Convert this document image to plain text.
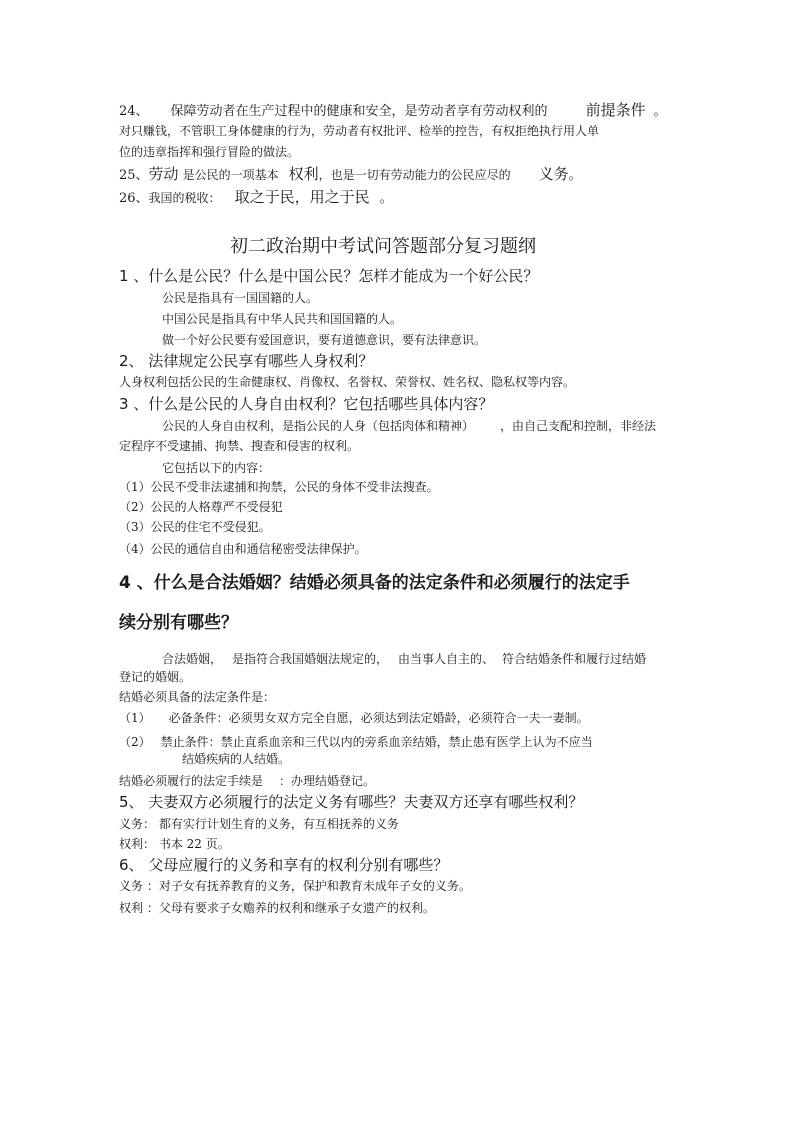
24、 保障劳动者在生产过程中的健康和安全，是劳动者享有劳动权利的	前提条件 。
对只赚钱，不管职工身体健康的行为，劳动者有权批评、检举的控告，有权拒绝执行用人单
位的违章指挥和强行冒险的做法。
25、劳动 是公民的一项基本 权利，也是一切有劳动能力的公民应尽的 义务。
26、我国的税收： 取之于民，用之于民 。
初二政治期中考试问答题部分复习题纲
1 、什么是公民？什么是中国公民？怎样才能成为一个好公民？
公民是指具有一国国籍的人。
中国公民是指具有中华人民共和国国籍的人。
做一个好公民要有爱国意识，要有道德意识，要有法律意识。
2、 法律规定公民享有哪些人身权利？
人身权利包括公民的生命健康权、肖像权、名誉权、荣誉权、姓名权、隐私权等内容。
3 、什么是公民的人身自由权利？它包括哪些具体内容？
公民的人身自由权利，是指公民的人身（包括肉体和精神） ，由自己支配和控制，非经法
定程序不受逮捕、拘禁、搜查和侵害的权利。
它包括以下的内容：
（1）公民不受非法逮捕和拘禁，公民的身体不受非法搜查。
（2）公民的人格尊严不受侵犯
（3）公民的住宅不受侵犯。
（4）公民的通信自由和通信秘密受法律保护。
4 、什么是合法婚姻？结婚必须具备的法定条件和必须履行的法定手
续分别有哪些？
合法婚姻， 是指符合我国婚姻法规定的， 由当事人自主的、 符合结婚条件和履行过结婚
登记的婚姻。
结婚必须具备的法定条件是：
（1） 必备条件：必须男女双方完全自愿，必须达到法定婚龄，必须符合一夫一妻制。
（2） 禁止条件：禁止直系血亲和三代以内的旁系血亲结婚，禁止患有医学上认为不应当
结婚疾病的人结婚。
结婚必须履行的法定手续是 ：办理结婚登记。
5、 夫妻双方必须履行的法定义务有哪些？夫妻双方还享有哪些权利？
义务： 都有实行计划生育的义务，有互相抚养的义务
权利： 书本 22 页。
6、 父母应履行的义务和享有的权利分别有哪些？
义务 ：对子女有抚养教育的义务，保护和教育未成年子女的义务。
权利 ：父母有要求子女赡养的权利和继承子女遗产的权利。
